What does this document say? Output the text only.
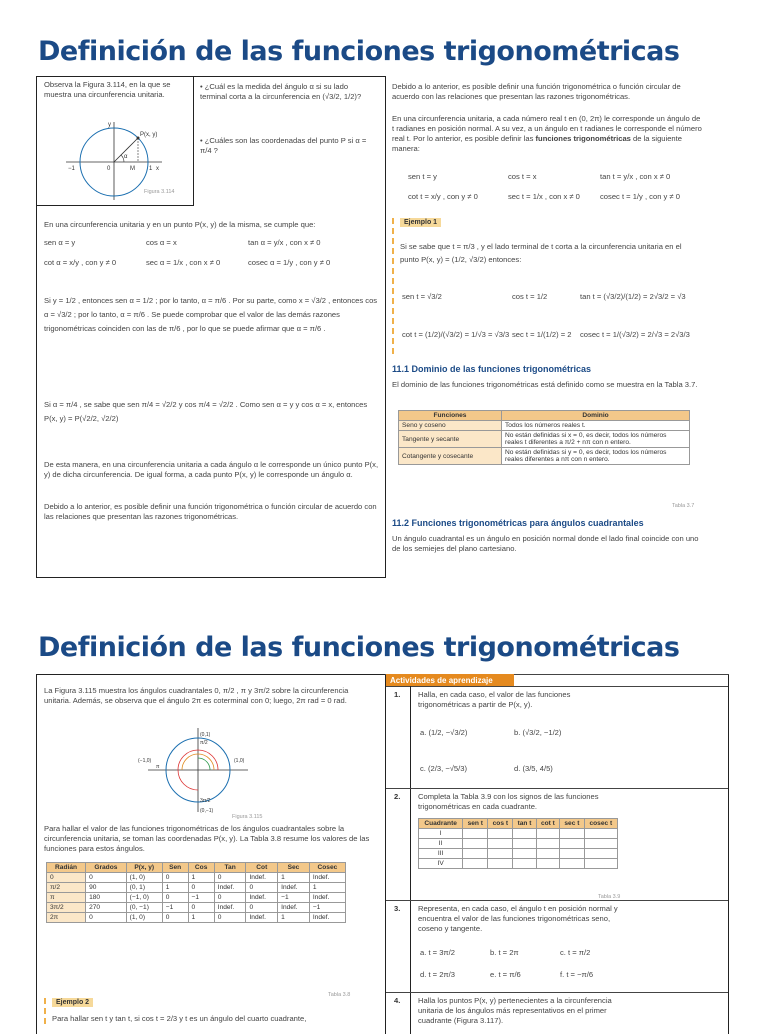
Definición de las funciones trigonométricas
Observa la Figura 3.114, en la que se muestra una circunferencia unitaria.
P(x, y)
y
x
1
M
0
−1
α
Figura 3.114
• ¿Cuál es la medida del ángulo α si su lado terminal corta a la circunferencia en (√3/2, 1/2)?
• ¿Cuáles son las coordenadas del punto P si α = π/4 ?
En una circunferencia unitaria y en un punto P(x, y) de la misma, se cumple que:
sen α = y	cos α = x	tan α = y/x , con x ≠ 0
cot α = x/y , con y ≠ 0	sec α = 1/x , con x ≠ 0	cosec α = 1/y , con y ≠ 0
Si y = 1/2 , entonces sen α = 1/2 ; por lo tanto, α = π/6 . Por su parte, como x = √3/2 , entonces cos α = √3/2 ; por lo tanto, α = π/6 . Se puede comprobar que el valor de las demás razones trigonométricas coinciden con las de π/6 , por lo que se puede afirmar que α = π/6 .
Si α = π/4 , se sabe que sen π/4 = √2/2 y cos π/4 = √2/2 . Como sen α = y y cos α = x, entonces P(x, y) = P(√2/2, √2/2)
De esta manera, en una circunferencia unitaria a cada ángulo α le corresponde un único punto P(x, y) de dicha circunferencia. De igual forma, a cada punto P(x, y) le corresponde un ángulo α.
Debido a lo anterior, es posible definir una función trigonométrica o función circular de acuerdo con las relaciones que presentan las razones trigonométricas.
Debido a lo anterior, es posible definir una función trigonométrica o función circular de acuerdo con las relaciones que presentan las razones trigonométricas.
En una circunferencia unitaria, a cada número real t en (0, 2π) le corresponde un ángulo de t radianes en posición normal. A su vez, a un ángulo en t radianes le corresponde el número real t. Por lo anterior, es posible definir las funciones trigonométricas de la siguiente manera:
sen t = y	cos t = x	tan t = y/x , con x ≠ 0
cot t = x/y , con y ≠ 0	sec t = 1/x , con x ≠ 0	cosec t = 1/y , con y ≠ 0
Ejemplo 1
Si se sabe que t = π/3 , y el lado terminal de t corta a la circunferencia unitaria en el punto P(x, y) = (1/2, √3/2) entonces:
sen t = √3/2	cos t = 1/2	tan t = (√3/2)/(1/2) = 2√3/2 = √3
cot t = (1/2)/(√3/2) = 1/√3 = √3/3 sec t = 1/(1/2) = 2 cosec t = 1/(√3/2) = 2/√3 = 2√3/3
11.1 Dominio de las funciones trigonométricas
El dominio de las funciones trigonométricas está definido como se muestra en la Tabla 3.7.
Funciones	Dominio
Seno y coseno	Todos los números reales t.
Tangente y secante	No están definidas si x = 0, es decir, todos los números reales t diferentes a π/2 + nπ con n entero.
Cotangente y cosecante	No están definidas si y = 0, es decir, todos los números reales diferentes a nπ con n entero.
Tabla 3.7
11.2 Funciones trigonométricas para ángulos cuadrantales
Un ángulo cuadrantal es un ángulo en posición normal donde el lado final coincide con uno de los semiejes del plano cartesiano.
Definición de las funciones trigonométricas
La Figura 3.115 muestra los ángulos cuadrantales 0, π/2 , π y 3π/2 sobre la circunferencia unitaria. Además, se observa que el ángulo 2π es coterminal con 0; luego, 2π rad = 0 rad.
(0,1)
π/2
(−1,0)
π
(1,0)
(0,−1)
3π/2
Figura 3.115
Para hallar el valor de las funciones trigonométricas de los ángulos cuadrantales sobre la circunferencia unitaria, se toman las coordenadas P(x, y). La Tabla 3.8 resume los valores de las funciones para estos ángulos.
Radián	Grados	P(x, y)	Sen	Cos	Tan	Cot	Sec	Cosec
0	0	(1, 0)	0	1	0	Indef.	1	Indef.
π/2	90	(0, 1)	1	0	Indef.	0	Indef.	1
π	180	(−1, 0)	0	−1	0	Indef.	−1	Indef.
3π/2	270	(0, −1)	−1	0	Indef.	0	Indef.	−1
2π	0	(1, 0)	0	1	0	Indef.	1	Indef.
Tabla 3.8
Ejemplo 2
Para hallar sen t y tan t, si cos t = 2/3 y t es un ángulo del cuarto cuadrante,
Actividades de aprendizaje
1. Halla, en cada caso, el valor de las funciones trigonométricas a partir de P(x, y).
a. (1/2, −√3/2)	b. (√3/2, −1/2)
c. (2/3, −√5/3)	d. (3/5, 4/5)
2. Completa la Tabla 3.9 con los signos de las funciones trigonométricas en cada cuadrante.
Cuadrante	sen t	cos t	tan t	cot t	sec t	cosec t
I						
II						
III						
IV						
Tabla 3.9
3. Representa, en cada caso, el ángulo t en posición normal y encuentra el valor de las funciones trigonométricas seno, coseno y tangente.
a. t = 3π/2	b. t = 2π	c. t = π/2
d. t = 2π/3	e. t = π/6	f. t = −π/6
4. Halla los puntos P(x, y) pertenecientes a la circunferencia unitaria de los ángulos más representativos en el primer cuadrante (Figura 3.117).
